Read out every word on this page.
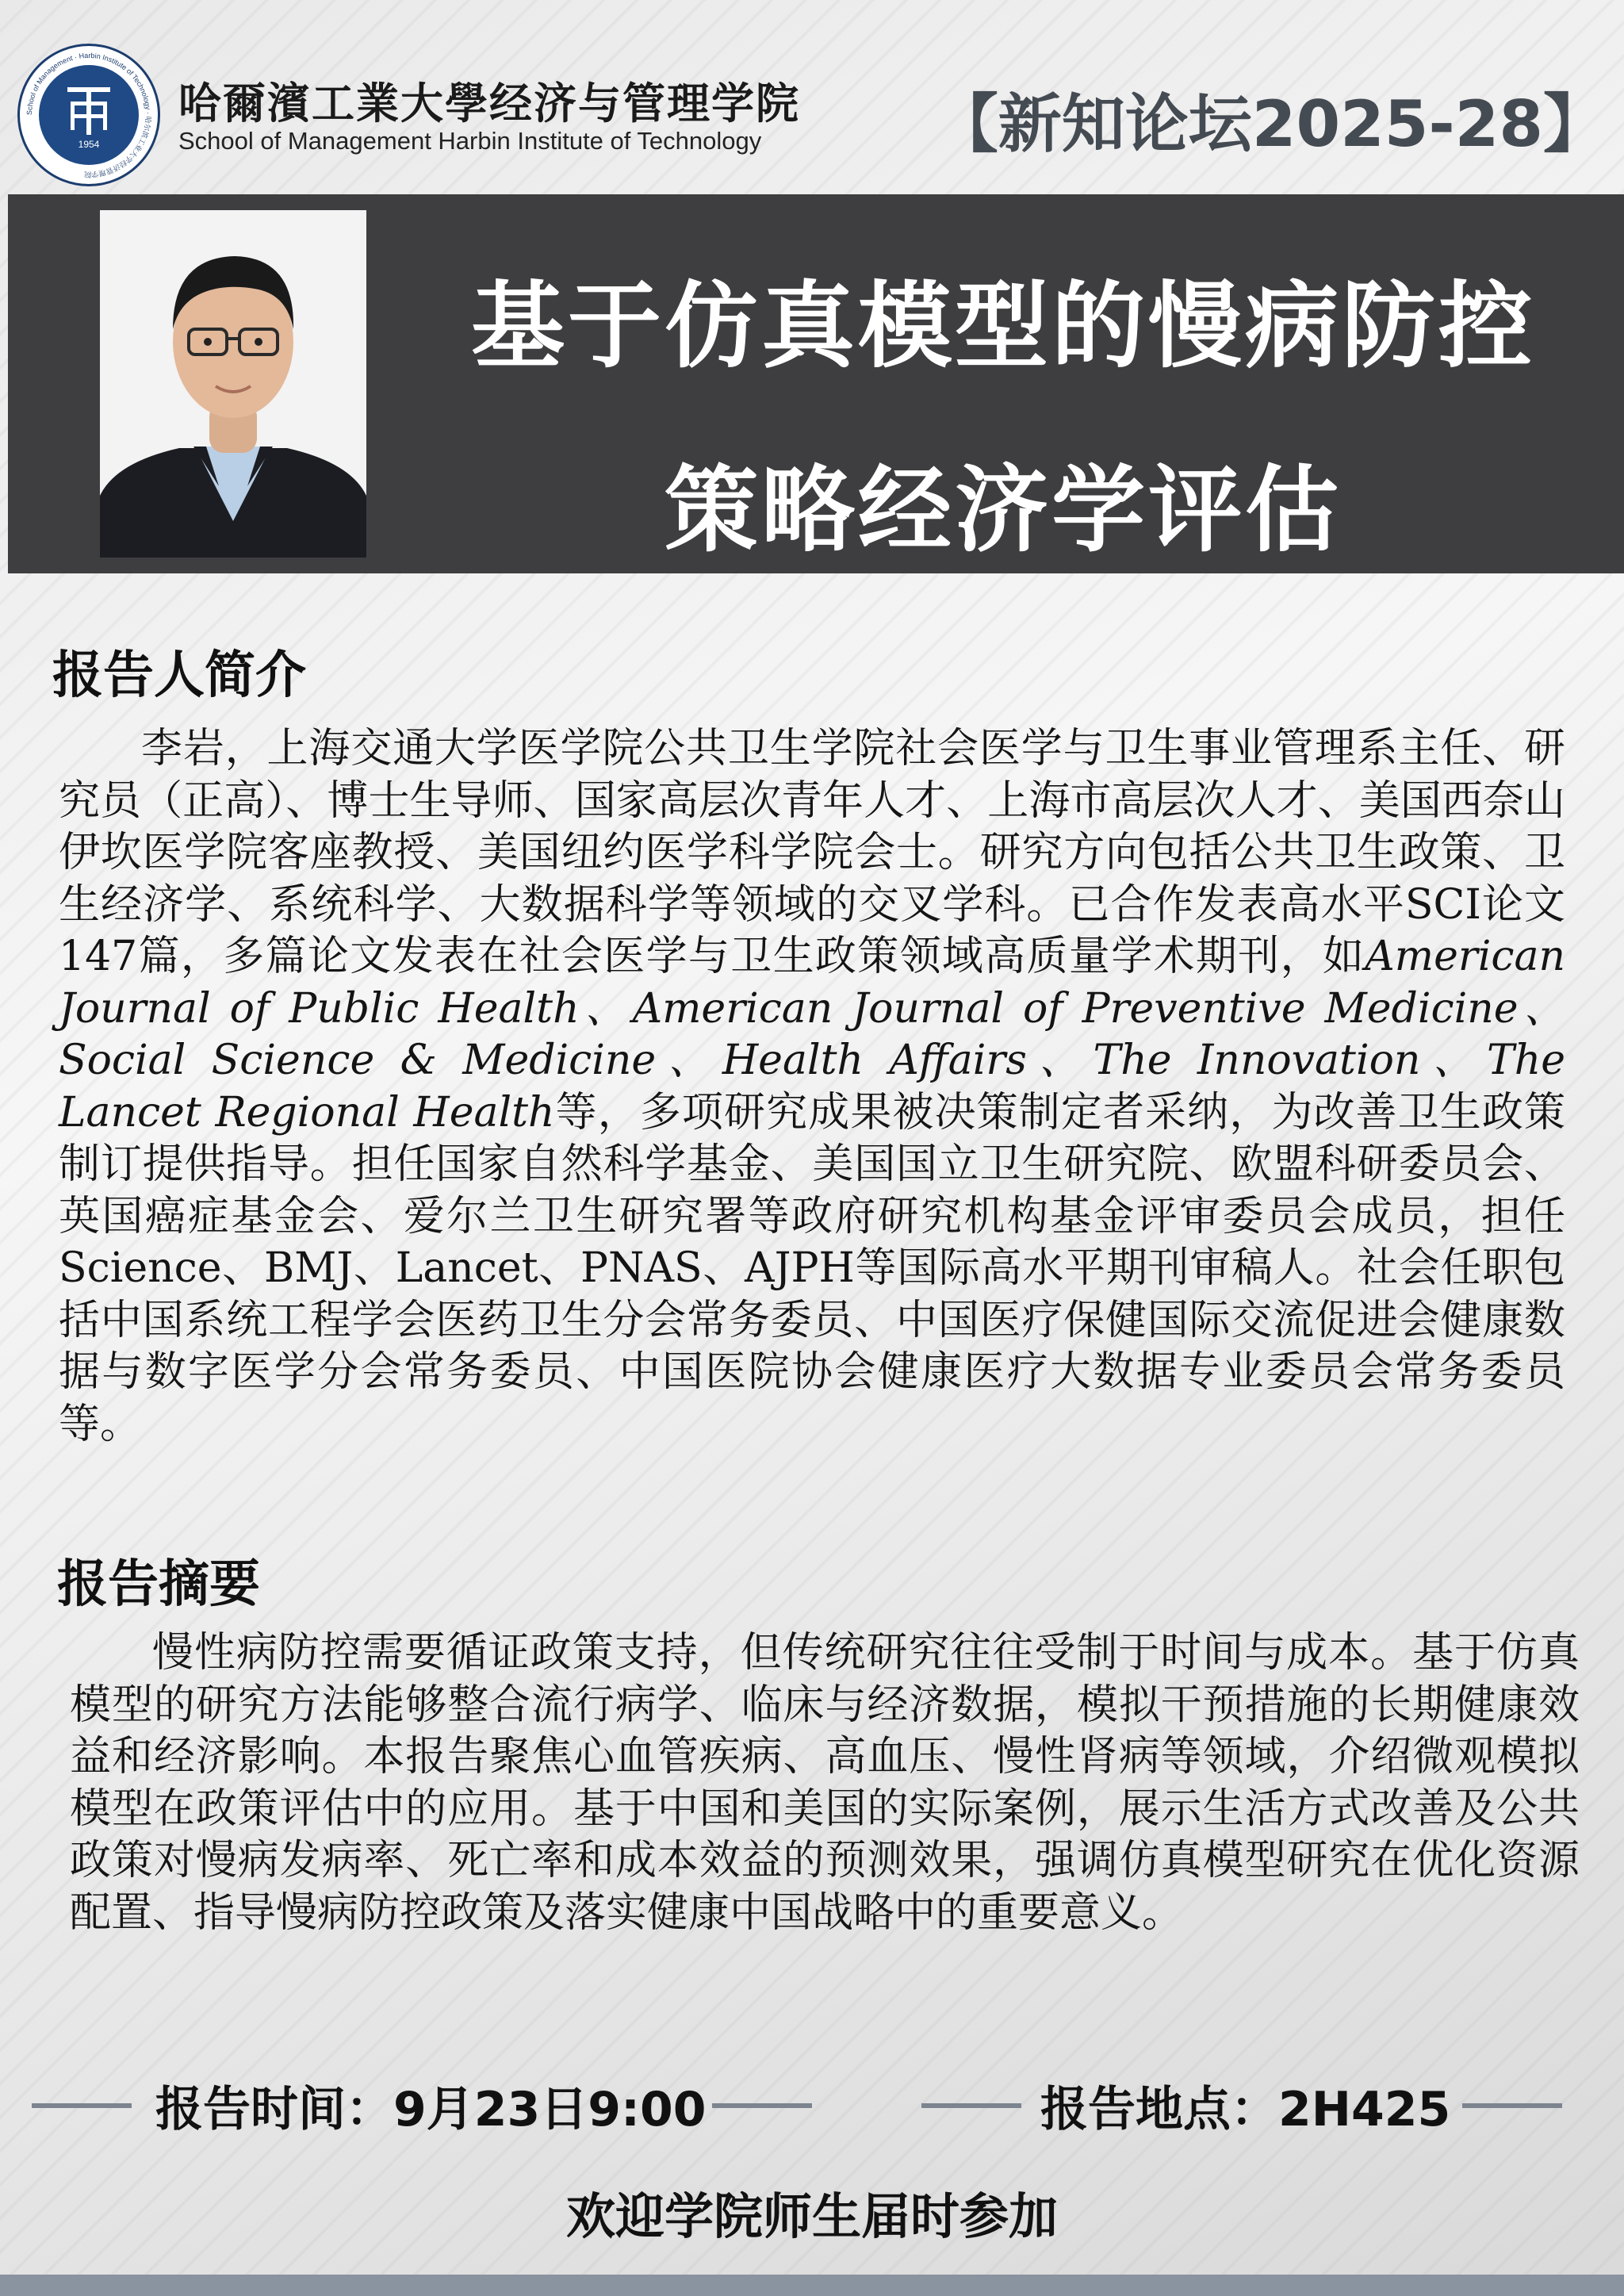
School of Management · Harbin Institute of Technology · 哈尔滨工业大学经济管理学院
1954
哈爾濱工業大學经济与管理学院
School of Management Harbin Institute of Technology	【新知论坛2025-28】
基于仿真模型的慢病防控
策略经济学评估
报告人简介
李岩，上海交通大学医学院公共卫生学院社会医学与卫生事业管理系主任、研究员（正高）、博士生导师、国家高层次青年人才、上海市高层次人才、美国西奈山伊坎医学院客座教授、美国纽约医学科学院会士。研究方向包括公共卫生政策、卫生经济学、系统科学、大数据科学等领域的交叉学科。已合作发表高水平SCI论文147篇，多篇论文发表在社会医学与卫生政策领域高质量学术期刊，如American Journal of Public Health、American Journal of Preventive Medicine、Social Science & Medicine、Health Affairs、The Innovation、The Lancet Regional Health等，多项研究成果被决策制定者采纳，为改善卫生政策制订提供指导。担任国家自然科学基金、美国国立卫生研究院、欧盟科研委员会、英国癌症基金会、爱尔兰卫生研究署等政府研究机构基金评审委员会成员，担任Science、BMJ、Lancet、PNAS、AJPH等国际高水平期刊审稿人。社会任职包括中国系统工程学会医药卫生分会常务委员、中国医疗保健国际交流促进会健康数据与数字医学分会常务委员、中国医院协会健康医疗大数据专业委员会常务委员等。
报告摘要
慢性病防控需要循证政策支持，但传统研究往往受制于时间与成本。基于仿真模型的研究方法能够整合流行病学、临床与经济数据，模拟干预措施的长期健康效益和经济影响。本报告聚焦心血管疾病、高血压、慢性肾病等领域，介绍微观模拟模型在政策评估中的应用。基于中国和美国的实际案例，展示生活方式改善及公共政策对慢病发病率、死亡率和成本效益的预测效果，强调仿真模型研究在优化资源配置、指导慢病防控政策及落实健康中国战略中的重要意义。
报告时间：9月23日9:00	报告地点：2H425
欢迎学院师生届时参加
